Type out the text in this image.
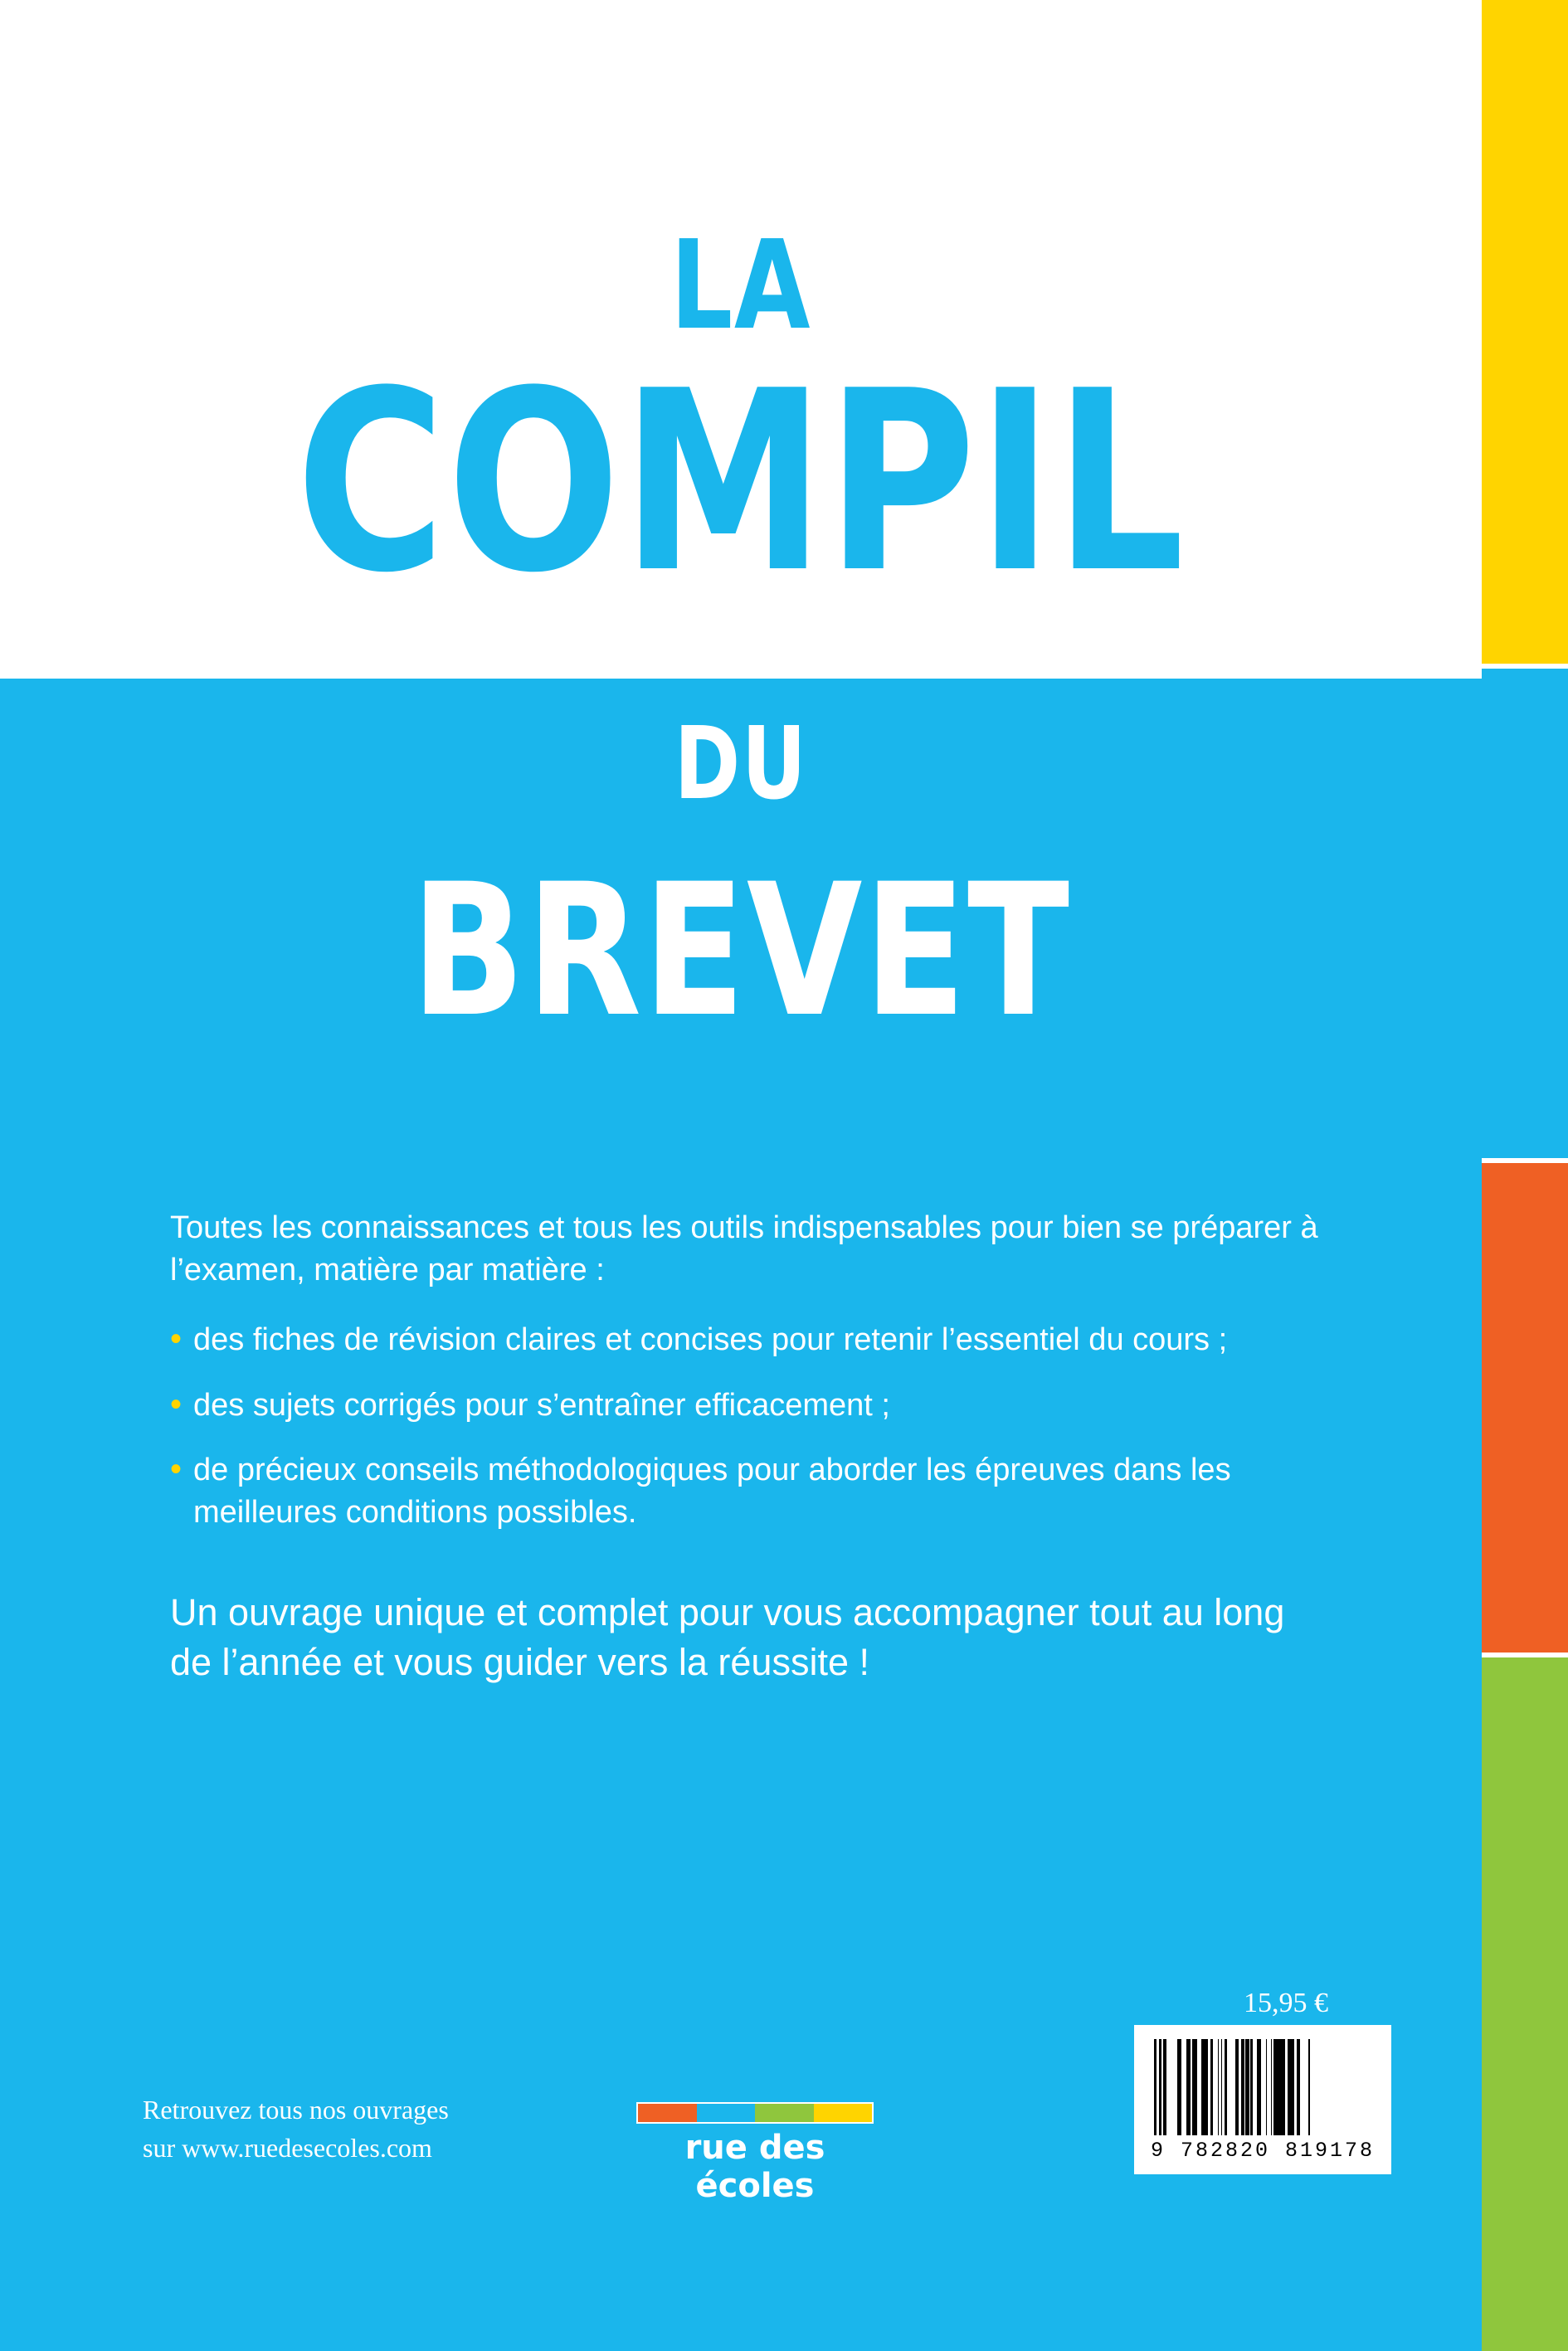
LA
COMPIL
DU
BREVET

Toutes les connaissances et tous les outils indispensables pour bien se préparer à l’examen, matière par matière :

• des fiches de révision claires et concises pour retenir l’essentiel du cours ;
• des sujets corrigés pour s’entraîner efficacement ;
• de précieux conseils méthodologiques pour aborder les épreuves dans les meilleures conditions possibles.

Un ouvrage unique et complet pour vous accompagner tout au long de l’année et vous guider vers la réussite !

15,95 €
9 782820 819178
Retrouvez tous nos ouvrages
sur www.ruedesecoles.com	rue des écoles
